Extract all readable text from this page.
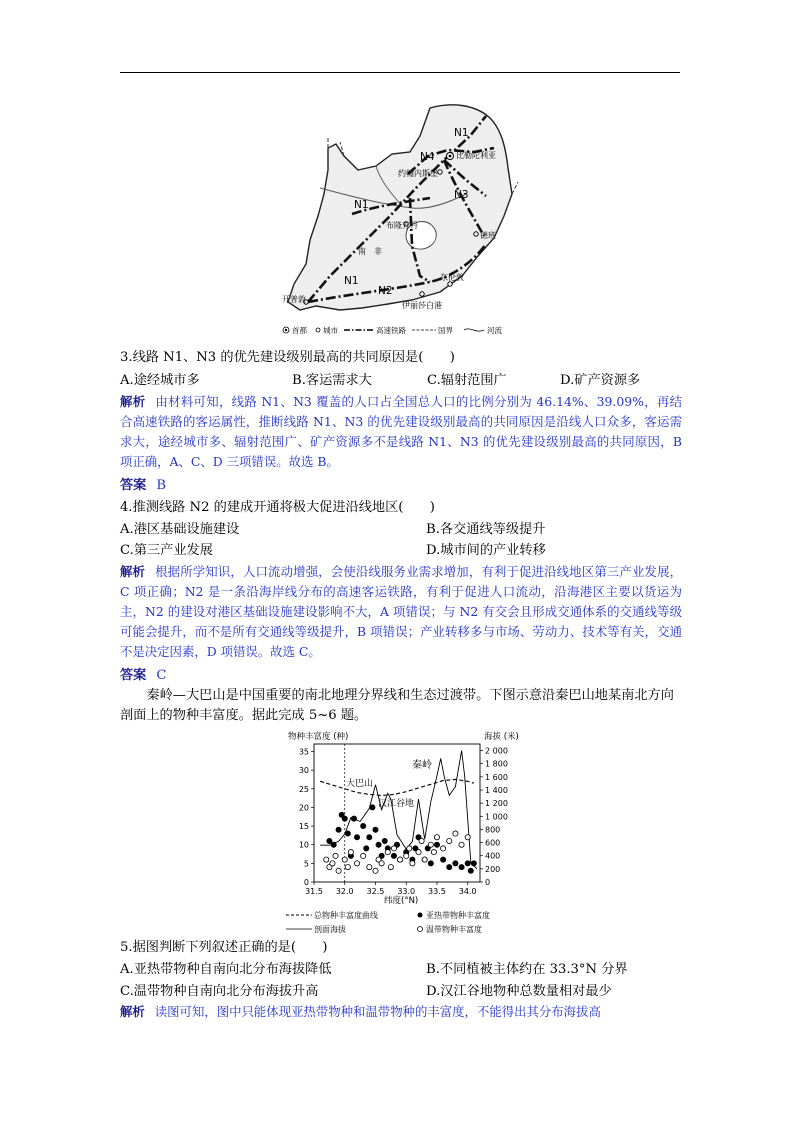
N1
N4
N3
N1
N1
N2
比勒陀利亚
约翰内斯堡
布隆方丹
德班
南　非
东伦敦
开普敦
伊丽莎白港
首都 城市	高速铁路	国界	河流
3.线路 N1、N3 的优先建设级别最高的共同原因是(　　)
A.途经城市多	B.客运需求大	C.辐射范围广	D.矿产资源多
解析 由材料可知，线路 N1、N3 覆盖的人口占全国总人口的比例分别为 46.14%、39.09%，再结合高速铁路的客运属性，推断线路 N1、N3 的优先建设级别最高的共同原因是沿线人口众多，客运需求大，途经城市多、辐射范围广、矿产资源多不是线路 N1、N3 的优先建设级别最高的共同原因，B 项正确，A、C、D 三项错误。故选 B。
答案 B
4.推测线路 N2 的建成开通将极大促进沿线地区(　　)
A.港区基础设施建设	B.各交通线等级提升
C.第三产业发展	D.城市间的产业转移
解析 根据所学知识，人口流动增强，会使沿线服务业需求增加，有利于促进沿线地区第三产业发展，C 项正确；N2 是一条沿海岸线分布的高速客运铁路，有利于促进人口流动，沿海港区主要以货运为主，N2 的建设对港区基础设施建设影响不大，A 项错误；与 N2 有交会且形成交通体系的交通线等级可能会提升，而不是所有交通线等级提升，B 项错误；产业转移多与市场、劳动力、技术等有关，交通不是决定因素，D 项错误。故选 C。
答案 C
秦岭—大巴山是中国重要的南北地理分界线和生态过渡带。下图示意沿秦巴山地某南北方向剖面上的物种丰富度。据此完成 5~6 题。
物种丰富度 (种)	海拔 (米)
31.5 32.0 32.5 33.0 33.5 34.0
0
5
10
15
20
25
30
35
0
200
400
600
800
1 000
1 200
1 400
1 600
1 800
2 000
秦岭
大巴山
汉江谷地
纬度(°N)
总物种丰富度曲线	亚热带物种丰富度
剖面海拔	温带物种丰富度
5.据图判断下列叙述正确的是(　　)
A.亚热带物种自南向北分布海拔降低	B.不同植被主体约在 33.3°N 分界
C.温带物种自南向北分布海拔升高	D.汉江谷地物种总数量相对最少
解析 读图可知，图中只能体现亚热带物种和温带物种的丰富度，不能得出其分布海拔高
